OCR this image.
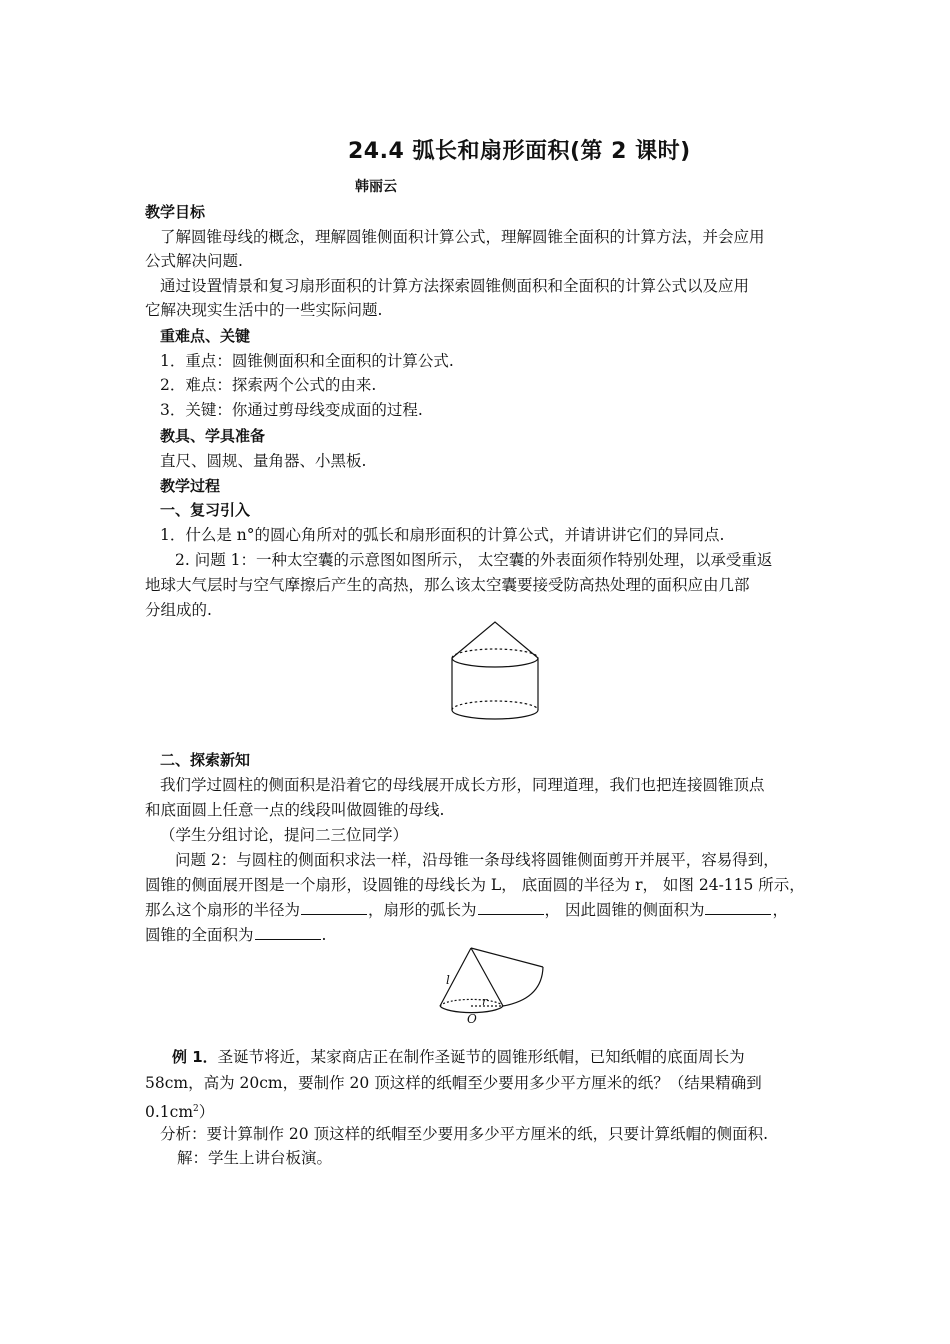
24.4 弧长和扇形面积(第 2 课时)
韩丽云
教学目标
了解圆锥母线的概念，理解圆锥侧面积计算公式，理解圆锥全面积的计算方法，并会应用
公式解决问题.
通过设置情景和复习扇形面积的计算方法探索圆锥侧面积和全面积的计算公式以及应用
它解决现实生活中的一些实际问题.
重难点、关键
1．重点：圆锥侧面积和全面积的计算公式.
2．难点：探索两个公式的由来.
3．关键：你通过剪母线变成面的过程.
教具、学具准备
直尺、圆规、量角器、小黑板.
教学过程
一、复习引入
1．什么是 n°的圆心角所对的弧长和扇形面积的计算公式，并请讲讲它们的异同点.
2. 问题 1：一种太空囊的示意图如图所示， 太空囊的外表面须作特别处理，以承受重返
地球大气层时与空气摩擦后产生的高热，那么该太空囊要接受防高热处理的面积应由几部
分组成的.
二、探索新知
我们学过圆柱的侧面积是沿着它的母线展开成长方形，同理道理，我们也把连接圆锥顶点
和底面圆上任意一点的线段叫做圆锥的母线.
（学生分组讨论，提问二三位同学）
问题 2：与圆柱的侧面积求法一样，沿母锥一条母线将圆锥侧面剪开并展平，容易得到，
圆锥的侧面展开图是一个扇形，设圆锥的母线长为 L， 底面圆的半径为 r， 如图 24-115 所示，
那么这个扇形的半径为	，扇形的弧长为	， 因此圆锥的侧面积为	，
圆锥的全面积为	.
l
r
O
例 1．圣诞节将近，某家商店正在制作圣诞节的圆锥形纸帽，已知纸帽的底面周长为
58cm，高为 20cm，要制作 20 顶这样的纸帽至少要用多少平方厘米的纸？（结果精确到
$0.1cm^2$）
分析：要计算制作 20 顶这样的纸帽至少要用多少平方厘米的纸，只要计算纸帽的侧面积.
解：学生上讲台板演。
